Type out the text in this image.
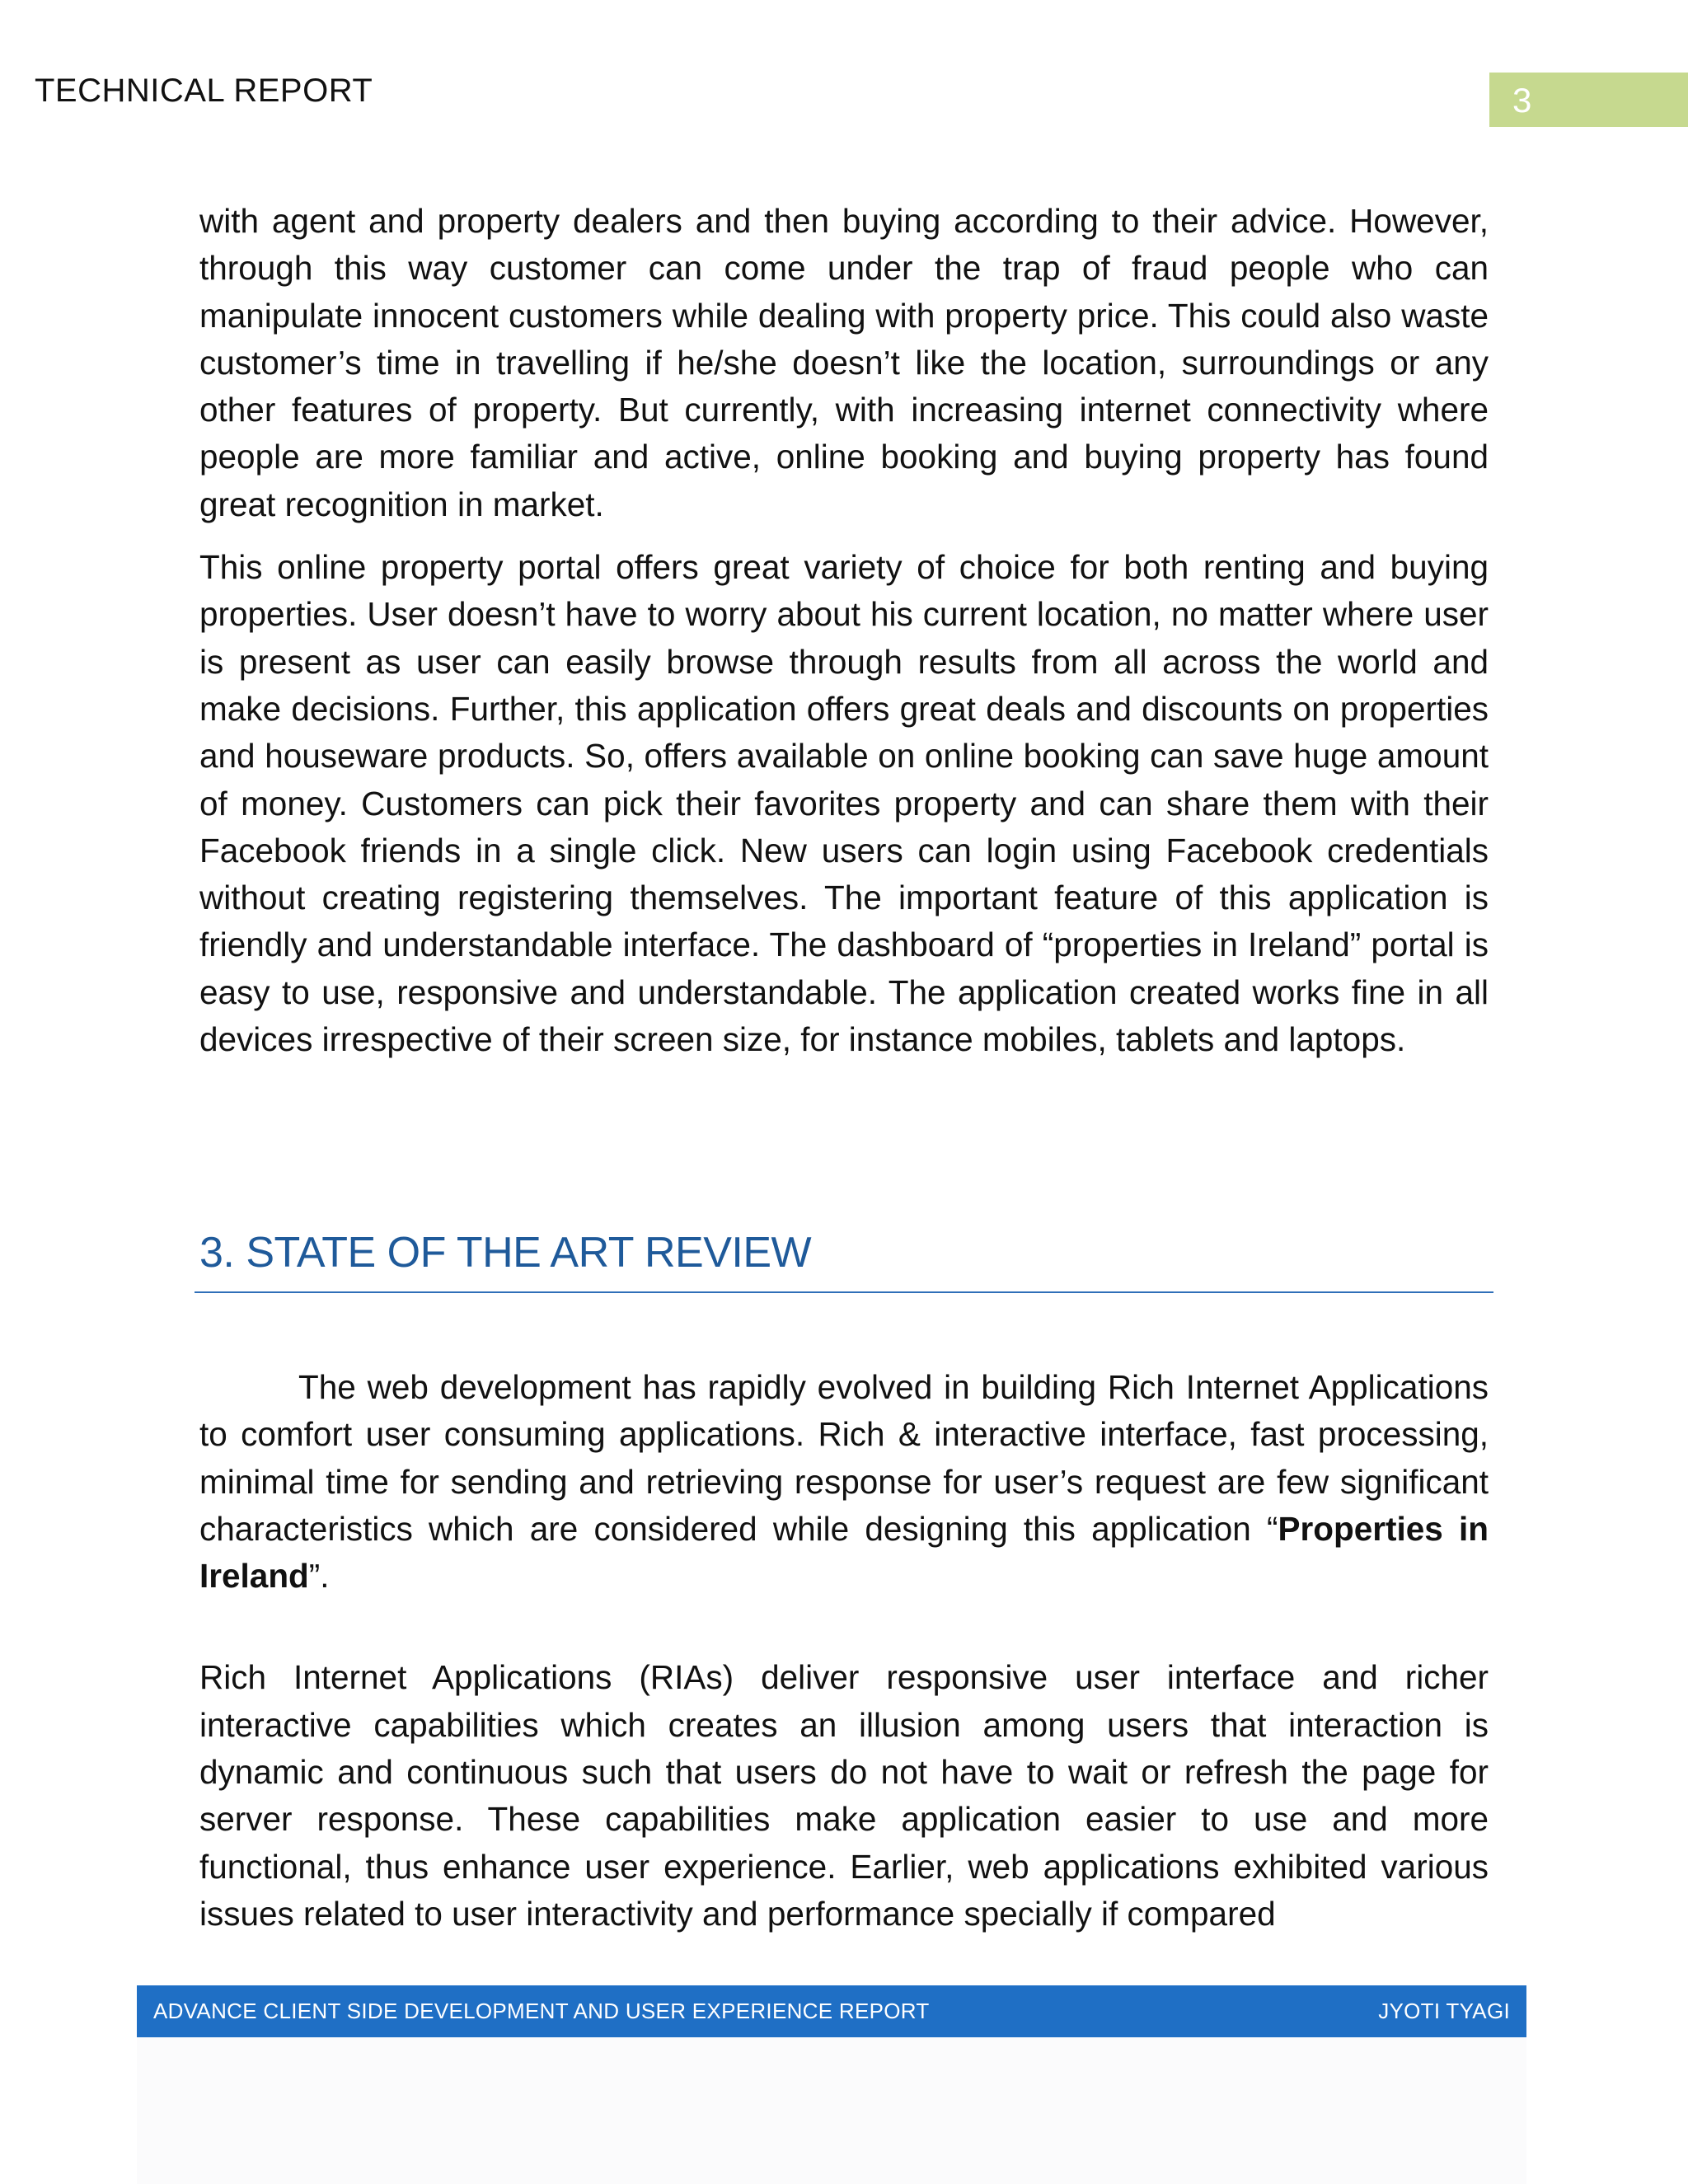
TECHNICAL REPORT	3

with agent and property dealers and then buying according to their advice. However, through this way customer can come under the trap of fraud people who can manipulate innocent customers while dealing with property price. This could also waste customer’s time in travelling if he/she doesn’t like the location, surroundings or any other features of property. But currently, with increasing internet connectivity where people are more familiar and active, online booking and buying property has found great recognition in market.

This online property portal offers great variety of choice for both renting and buying properties. User doesn’t have to worry about his current location, no matter where user is present as user can easily browse through results from all across the world and make decisions. Further, this application offers great deals and discounts on properties and houseware products. So, offers available on online booking can save huge amount of money. Customers can pick their favorites property and can share them with their Facebook friends in a single click. New users can login using Facebook credentials without creating registering themselves. The important feature of this application is friendly and understandable interface. The dashboard of “properties in Ireland” portal is easy to use, responsive and understandable. The application created works fine in all devices irrespective of their screen size, for instance mobiles, tablets and laptops.

3. STATE OF THE ART REVIEW

The web development has rapidly evolved in building Rich Internet Applications to comfort user consuming applications. Rich & interactive interface, fast processing, minimal time for sending and retrieving response for user’s request are few significant characteristics which are considered while designing this application “Properties in Ireland”.

Rich Internet Applications (RIAs) deliver responsive user interface and richer interactive capabilities which creates an illusion among users that interaction is dynamic and continuous such that users do not have to wait or refresh the page for server response. These capabilities make application easier to use and more functional, thus enhance user experience. Earlier, web applications exhibited various issues related to user interactivity and performance specially if compared

ADVANCE CLIENT SIDE DEVELOPMENT AND USER EXPERIENCE REPORT	JYOTI TYAGI
